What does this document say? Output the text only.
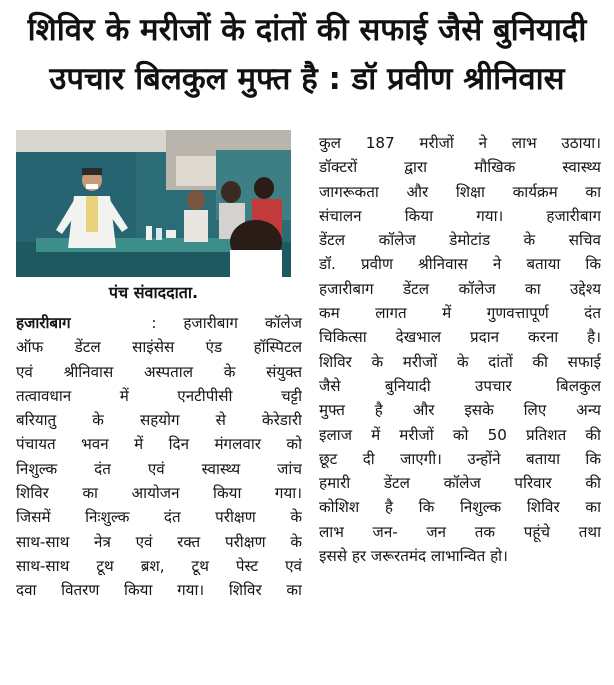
शिविर के मरीजों के दांतों की सफाई जैसे बुनियादी
उपचार बिलकुल मुफ्त है : डॉ प्रवीण श्रीनिवास
पंच संवाददाता.
हजारीबाग	: हजारीबाग कॉलेज
ऑफ डेंटल साइंसेस एंड हॉस्पिटल
एवं श्रीनिवास अस्पताल के संयुक्त
तत्वावधान में एनटीपीसी चट्टी
बरियातु के सहयोग से केरेडारी
पंचायत भवन में दिन मंगलवार को
निशुल्क दंत एवं स्वास्थ्य जांच
शिविर का आयोजन किया गया।
जिसमें निःशुल्क दंत परीक्षण के
साथ-साथ नेत्र एवं रक्त परीक्षण के
साथ-साथ टूथ ब्रश, टूथ पेस्ट एवं
दवा वितरण किया गया। शिविर का
कुल 187 मरीजों ने लाभ उठाया।
डॉक्टरों द्वारा मौखिक स्वास्थ्य
जागरूकता और शिक्षा कार्यक्रम का
संचालन किया गया। हजारीबाग
डेंटल कॉलेज डेमोटांड के सचिव
डॉ. प्रवीण श्रीनिवास ने बताया कि
हजारीबाग डेंटल कॉलेज का उद्देश्य
कम लागत में गुणवत्तापूर्ण दंत
चिकित्सा देखभाल प्रदान करना है।
शिविर के मरीजों के दांतों की सफाई
जैसे बुनियादी उपचार बिलकुल
मुफ्त है और इसके लिए अन्य
इलाज में मरीजों को 50 प्रतिशत की
छूट दी जाएगी। उन्होंने बताया कि
हमारी डेंटल कॉलेज परिवार की
कोशिश है कि निशुल्क शिविर का
लाभ जन- जन तक पहूंचे तथा
इससे हर जरूरतमंद लाभान्वित हो।
